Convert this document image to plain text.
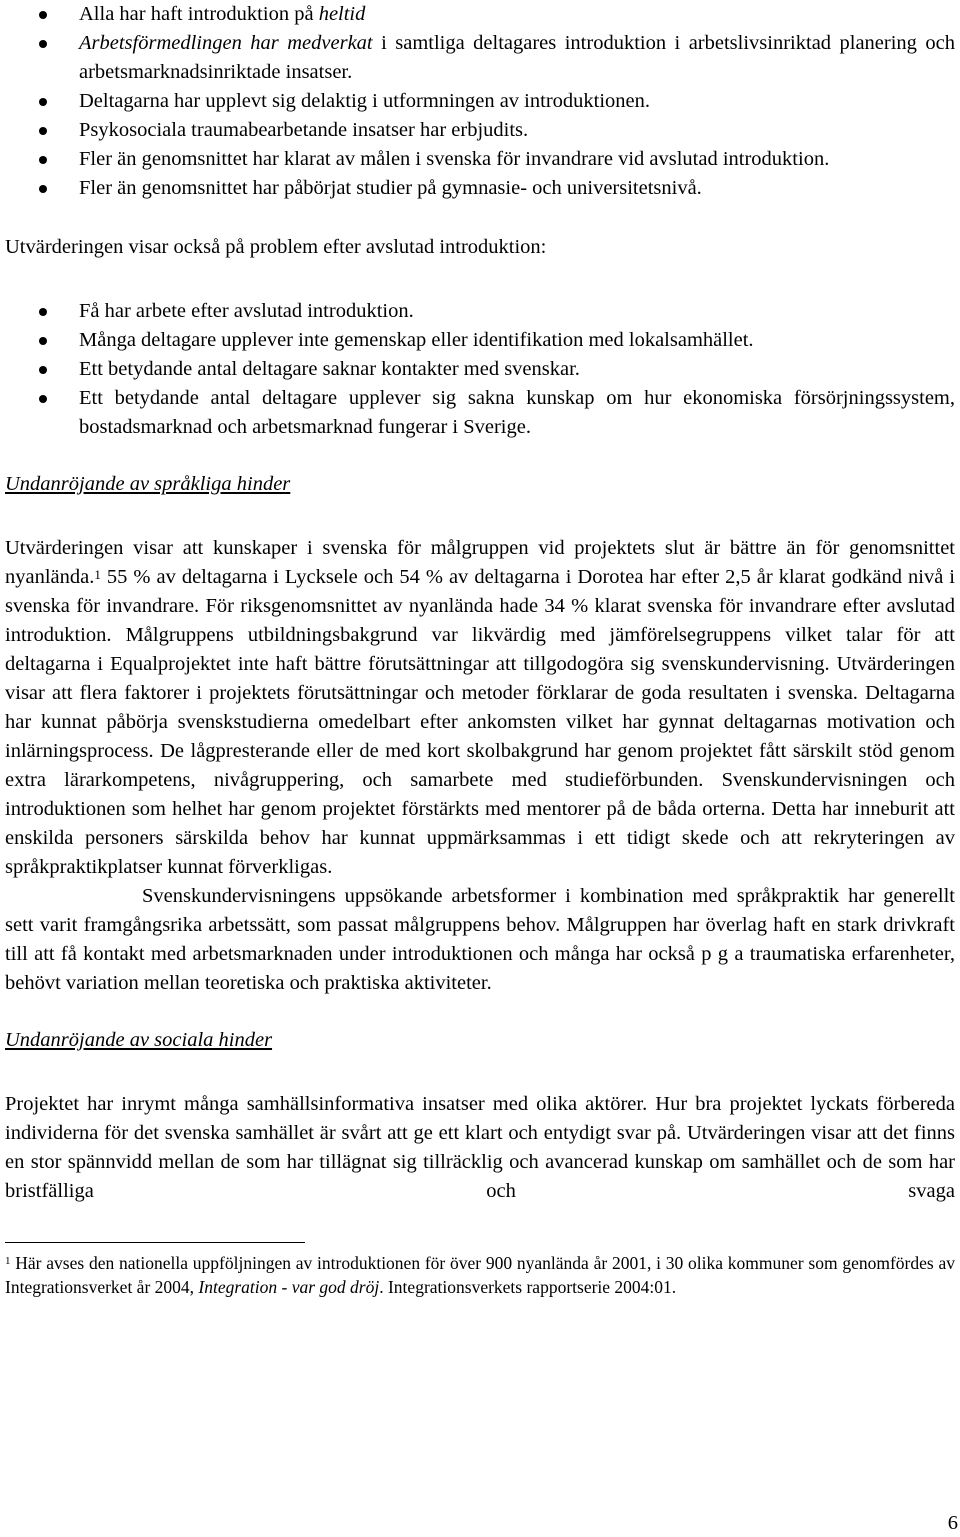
Alla har haft introduktion på heltid
Arbetsförmedlingen har medverkat i samtliga deltagares introduktion i arbetslivsinriktad planering och arbetsmarknadsinriktade insatser.
Deltagarna har upplevt sig delaktig i utformningen av introduktionen.
Psykosociala traumabearbetande insatser har erbjudits.
Fler än genomsnittet har klarat av målen i svenska för invandrare vid avslutad introduktion.
Fler än genomsnittet har påbörjat studier på gymnasie- och universitetsnivå.

Utvärderingen visar också på problem efter avslutad introduktion:

Få har arbete efter avslutad introduktion.
Många deltagare upplever inte gemenskap eller identifikation med lokalsamhället.
Ett betydande antal deltagare saknar kontakter med svenskar.
Ett betydande antal deltagare upplever sig sakna kunskap om hur ekonomiska försörjningssystem, bostadsmarknad och arbetsmarknad fungerar i Sverige.
Undanröjande av språkliga hinder

Utvärderingen visar att kunskaper i svenska för målgruppen vid projektets slut är bättre än för genomsnittet nyanlända.$^1$ 55 % av deltagarna i Lycksele och 54 % av deltagarna i Dorotea har efter 2,5 år klarat godkänd nivå i svenska för invandrare. För riksgenomsnittet av nyanlända hade 34 % klarat svenska för invandrare efter avslutad introduktion. Målgruppens utbildningsbakgrund var likvärdig med jämförelsegruppens vilket talar för att deltagarna i Equalprojektet inte haft bättre förutsättningar att tillgodogöra sig svenskundervisning. Utvärderingen visar att flera faktorer i projektets förutsättningar och metoder förklarar de goda resultaten i svenska. Deltagarna har kunnat påbörja svenskstudierna omedelbart efter ankomsten vilket har gynnat deltagarnas motivation och inlärningsprocess. De lågpresterande eller de med kort skolbakgrund har genom projektet fått särskilt stöd genom extra lärarkompetens, nivågruppering, och samarbete med studieförbunden. Svenskundervisningen och introduktionen som helhet har genom projektet förstärkts med mentorer på de båda orterna. Detta har inneburit att enskilda personers särskilda behov har kunnat uppmärksammas i ett tidigt skede och att rekryteringen av språkpraktikplatser kunnat förverkligas.

Svenskundervisningens uppsökande arbetsformer i kombination med språkpraktik har generellt sett varit framgångsrika arbetssätt, som passat målgruppens behov. Målgruppen har överlag haft en stark drivkraft till att få kontakt med arbetsmarknaden under introduktionen och många har också p g a traumatiska erfarenheter, behövt variation mellan teoretiska och praktiska aktiviteter.

Undanröjande av sociala hinder

Projektet har inrymt många samhällsinformativa insatser med olika aktörer. Hur bra projektet lyckats förbereda individerna för det svenska samhället är svårt att ge ett klart och entydigt svar på. Utvärderingen visar att det finns en stor spännvidd mellan de som har tillägnat sig tillräcklig och avancerad kunskap om samhället och de som har bristfälliga och svaga

$^1$ Här avses den nationella uppföljningen av introduktionen för över 900 nyanlända år 2001, i 30 olika kommuner som genomfördes av Integrationsverket år 2004, Integration - var god dröj. Integrationsverkets rapportserie 2004:01.

6
